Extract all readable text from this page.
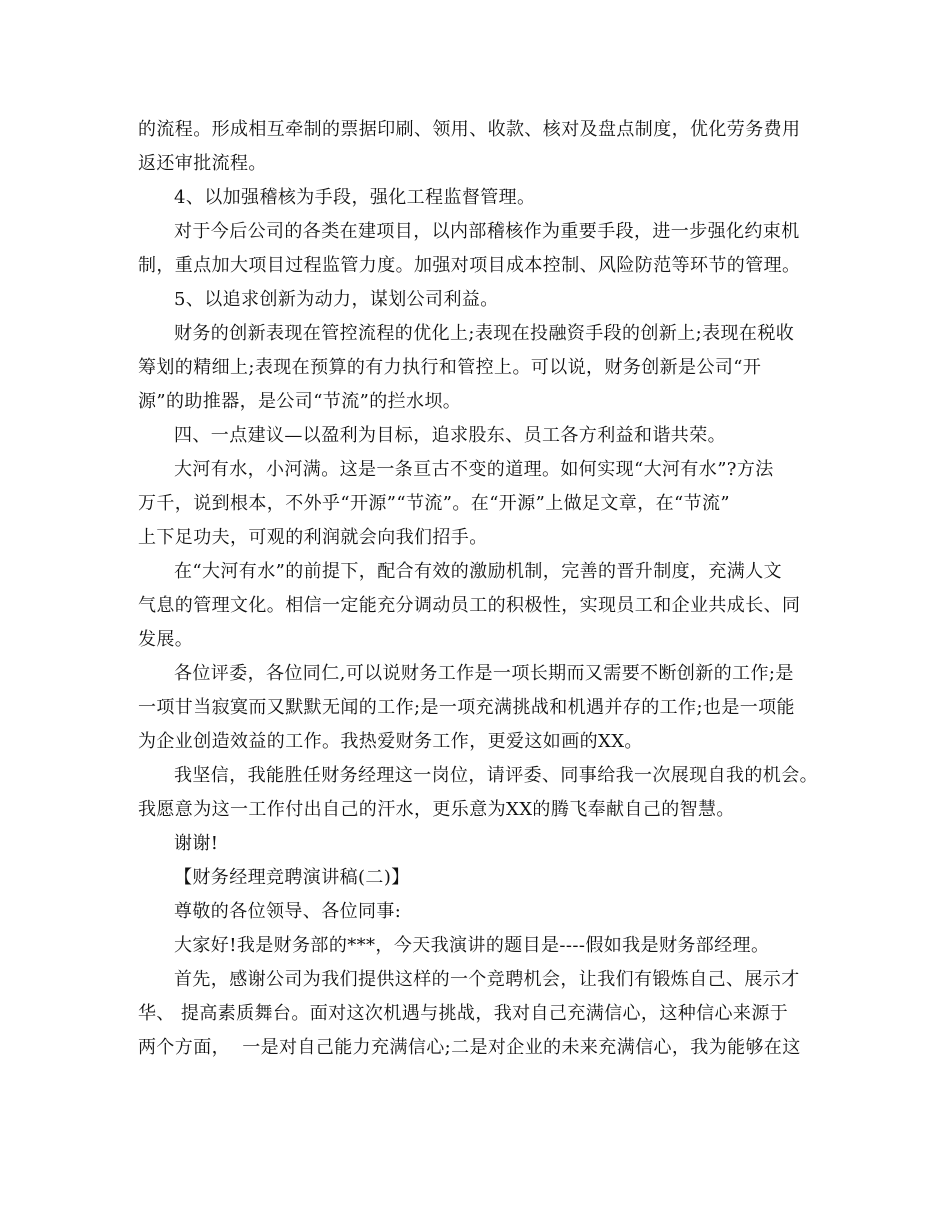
的流程。形成相互牵制的票据印刷、领用、收款、核对及盘点制度，优化劳务费用
返还审批流程。
4、以加强稽核为手段，强化工程监督管理。
对于今后公司的各类在建项目，以内部稽核作为重要手段，进一步强化约束机
制，重点加大项目过程监管力度。加强对项目成本控制、风险防范等环节的管理。
5、以追求创新为动力，谋划公司利益。
财务的创新表现在管控流程的优化上;表现在投融资手段的创新上;表现在税收
筹划的精细上;表现在预算的有力执行和管控上。可以说，财务创新是公司“开
源”的助推器，是公司“节流”的拦水坝。
四、一点建议—以盈利为目标，追求股东、员工各方利益和谐共荣。
大河有水，小河满。这是一条亘古不变的道理。如何实现“大河有水”?方法
万千，说到根本，不外乎“开源”“节流”。在“开源”上做足文章，在“节流”
上下足功夫，可观的利润就会向我们招手。
在“大河有水”的前提下，配合有效的激励机制，完善的晋升制度，充满人文
气息的管理文化。相信一定能充分调动员工的积极性，实现员工和企业共成长、同
发展。
各位评委，各位同仁,可以说财务工作是一项长期而又需要不断创新的工作;是
一项甘当寂寞而又默默无闻的工作;是一项充满挑战和机遇并存的工作;也是一项能
为企业创造效益的工作。我热爱财务工作，更爱这如画的XX。
我坚信，我能胜任财务经理这一岗位，请评委、同事给我一次展现自我的机会。
我愿意为这一工作付出自己的汗水，更乐意为XX的腾飞奉献自己的智慧。
谢谢!
【财务经理竞聘演讲稿(二)】
尊敬的各位领导、各位同事:
大家好!我是财务部的***，今天我演讲的题目是----假如我是财务部经理。
首先，感谢公司为我们提供这样的一个竞聘机会，让我们有锻炼自己、展示才
华、 提高素质舞台。面对这次机遇与挑战，我对自己充满信心，这种信心来源于
两个方面，  一是对自己能力充满信心;二是对企业的未来充满信心，我为能够在这
